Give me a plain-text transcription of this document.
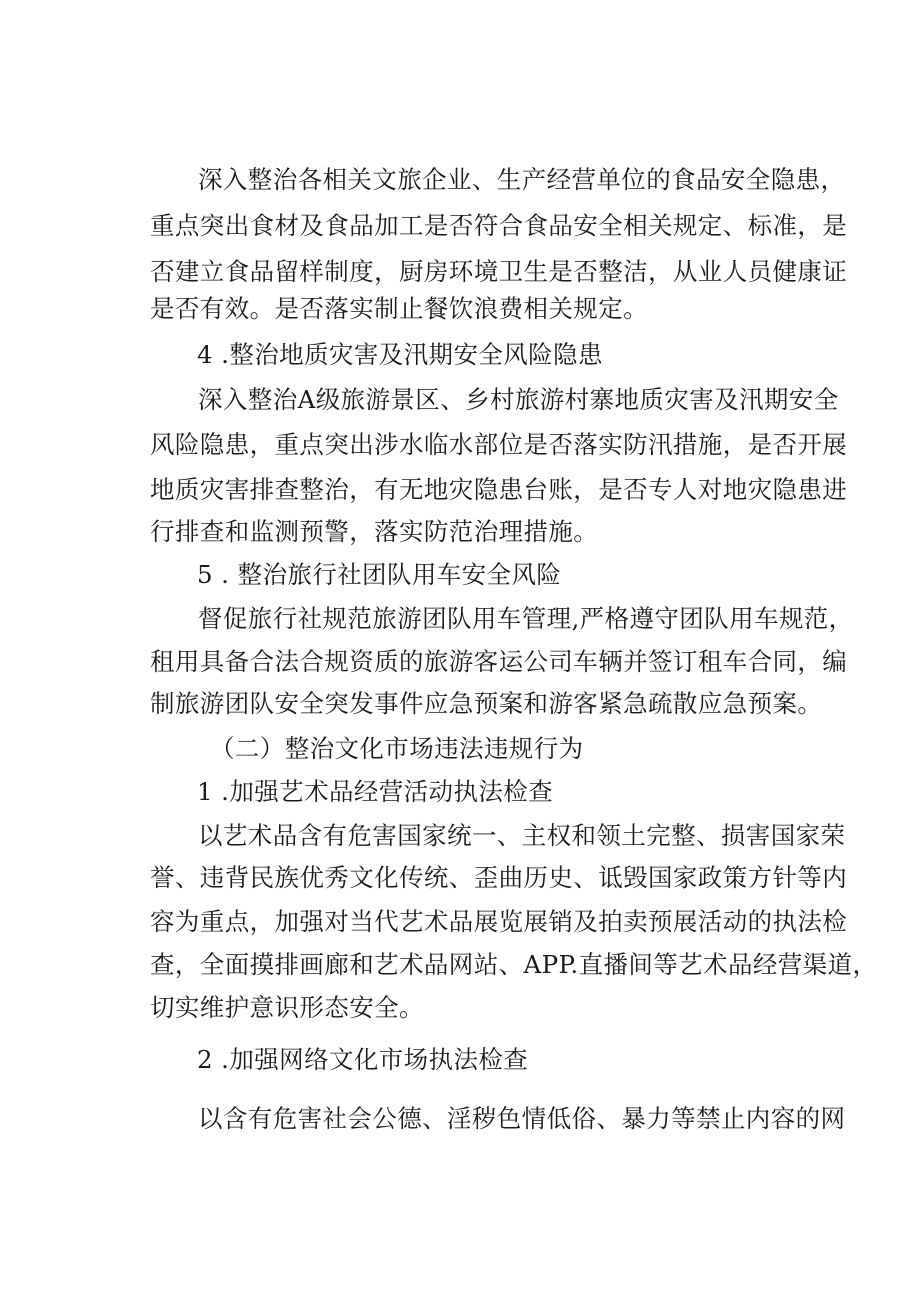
深入整治各相关文旅企业、生产经营单位的食品安全隐患，

重点突出食材及食品加工是否符合食品安全相关规定、标准，是

否建立食品留样制度，厨房环境卫生是否整洁，从业人员健康证

是否有效。是否落实制止餐饮浪费相关规定。

4 .整治地质灾害及汛期安全风险隐患

深入整治A级旅游景区、乡村旅游村寨地质灾害及汛期安全

风险隐患，重点突出涉水临水部位是否落实防汛措施，是否开展

地质灾害排查整治，有无地灾隐患台账，是否专人对地灾隐患进

行排查和监测预警，落实防范治理措施。

5 . 整治旅行社团队用车安全风险

督促旅行社规范旅游团队用车管理,严格遵守团队用车规范，

租用具备合法合规资质的旅游客运公司车辆并签订租车合同，编

制旅游团队安全突发事件应急预案和游客紧急疏散应急预案。

（二）整治文化市场违法违规行为

1 .加强艺术品经营活动执法检查

以艺术品含有危害国家统一、主权和领土完整、损害国家荣

誉、违背民族优秀文化传统、歪曲历史、诋毁国家政策方针等内

容为重点，加强对当代艺术品展览展销及拍卖预展活动的执法检

查，全面摸排画廊和艺术品网站、APP.直播间等艺术品经营渠道，

切实维护意识形态安全。

2 .加强网络文化市场执法检查

以含有危害社会公德、淫秽色情低俗、暴力等禁止内容的网
